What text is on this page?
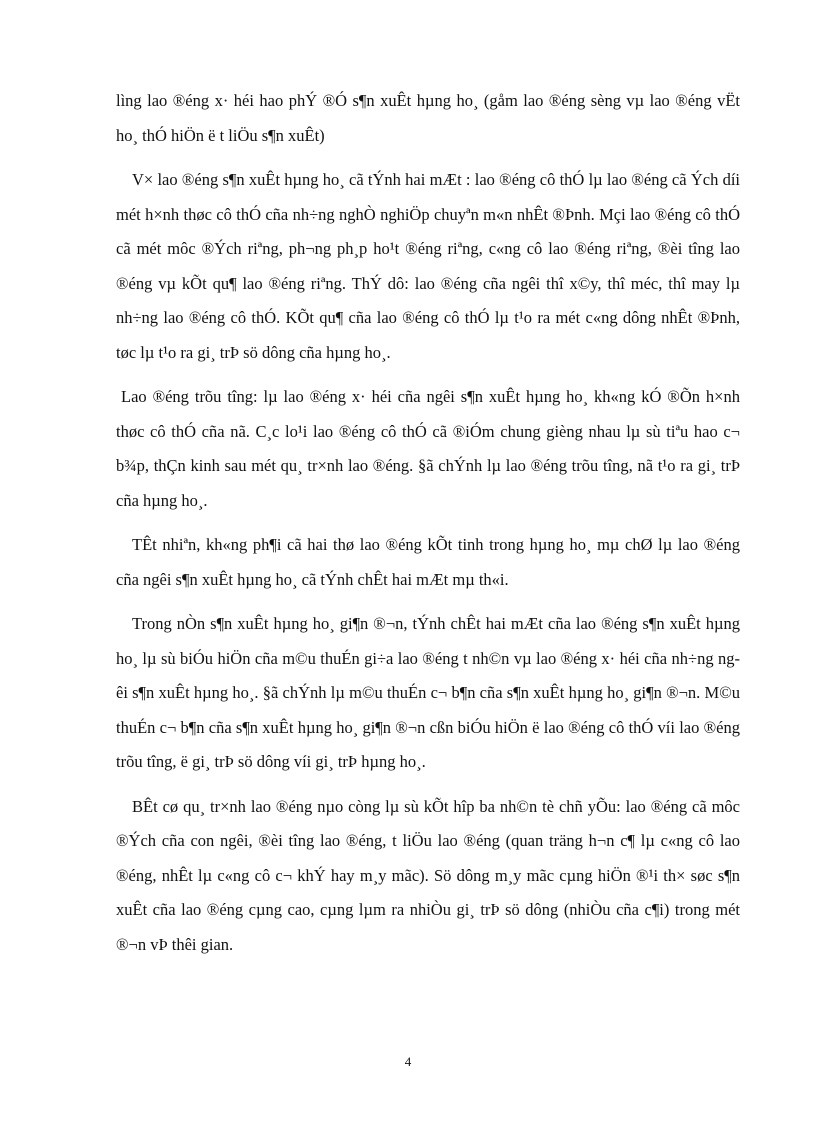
lìng lao ®éng x· héi hao phÝ ®Ó s¶n xuÊt hµng ho¸ (gåm lao ®éng sèng vµ lao ®éng vËt ho¸ thÓ hiÖn ë t liÖu s¶n xuÊt)

V× lao ®éng s¶n xuÊt hµng ho¸ cã tÝnh hai mÆt : lao ®éng cô thÓ lµ lao ®éng cã Ých díi mét h×nh thøc cô thÓ cña nh÷ng nghÒ nghiÖp chuyªn m«n nhÊt ®Þnh. Mçi lao ®éng cô thÓ cã mét môc ®Ých riªng, ph¬ng ph¸p ho¹t ®éng riªng, c«ng cô lao ®éng riªng, ®èi tîng lao ®éng vµ kÕt qu¶ lao ®éng riªng. ThÝ dô: lao ®éng cña ngêi thî x©y, thî méc, thî may lµ nh÷ng lao ®éng cô thÓ. KÕt qu¶ cña lao ®éng cô thÓ lµ t¹o ra mét c«ng dông nhÊt ®Þnh, tøc lµ t¹o ra gi¸ trÞ sö dông cña hµng ho¸.

Lao ®éng trõu tîng: lµ lao ®éng x· héi cña ngêi s¶n xuÊt hµng ho¸ kh«ng kÓ ®Õn h×nh thøc cô thÓ cña nã. C¸c lo¹i lao ®éng cô thÓ cã ®iÓm chung gièng nhau lµ sù tiªu hao c¬ b¾p, thÇn kinh sau mét qu¸ tr×nh lao ®éng. §ã chÝnh lµ lao ®éng trõu tîng, nã t¹o ra gi¸ trÞ cña hµng ho¸.

TÊt nhiªn, kh«ng ph¶i cã hai thø lao ®éng kÕt tinh trong hµng ho¸ mµ chØ lµ lao ®éng cña ngêi s¶n xuÊt hµng ho¸ cã tÝnh chÊt hai mÆt mµ th«i.

Trong nÒn s¶n xuÊt hµng ho¸ gi¶n ®¬n, tÝnh chÊt hai mÆt cña lao ®éng s¶n xuÊt hµng ho¸ lµ sù biÓu hiÖn cña m©u thuÉn gi÷a lao ®éng t nh©n vµ lao ®éng x· héi cña nh÷ng ngêi s¶n xuÊt hµng ho¸. §ã chÝnh lµ m©u thuÉn c¬ b¶n cña s¶n xuÊt hµng ho¸ gi¶n ®¬n. M©u thuÉn c¬ b¶n cña s¶n xuÊt hµng ho¸ gi¶n ®¬n cßn biÓu hiÖn ë lao ®éng cô thÓ víi lao ®éng trõu tîng, ë gi¸ trÞ sö dông víi gi¸ trÞ hµng ho¸.

BÊt cø qu¸ tr×nh lao ®éng nµo còng lµ sù kÕt hîp ba nh©n tè chñ yÕu: lao ®éng cã môc ®Ých cña con ngêi, ®èi tîng lao ®éng, t liÖu lao ®éng (quan träng h¬n c¶ lµ c«ng cô lao ®éng, nhÊt lµ c«ng cô c¬ khÝ hay m¸y mãc). Sö dông m¸y mãc cµng hiÖn ®¹i th× søc s¶n xuÊt cña lao ®éng cµng cao, cµng lµm ra nhiÒu gi¸ trÞ sö dông (nhiÒu cña c¶i) trong mét ®¬n vÞ thêi gian.

4
